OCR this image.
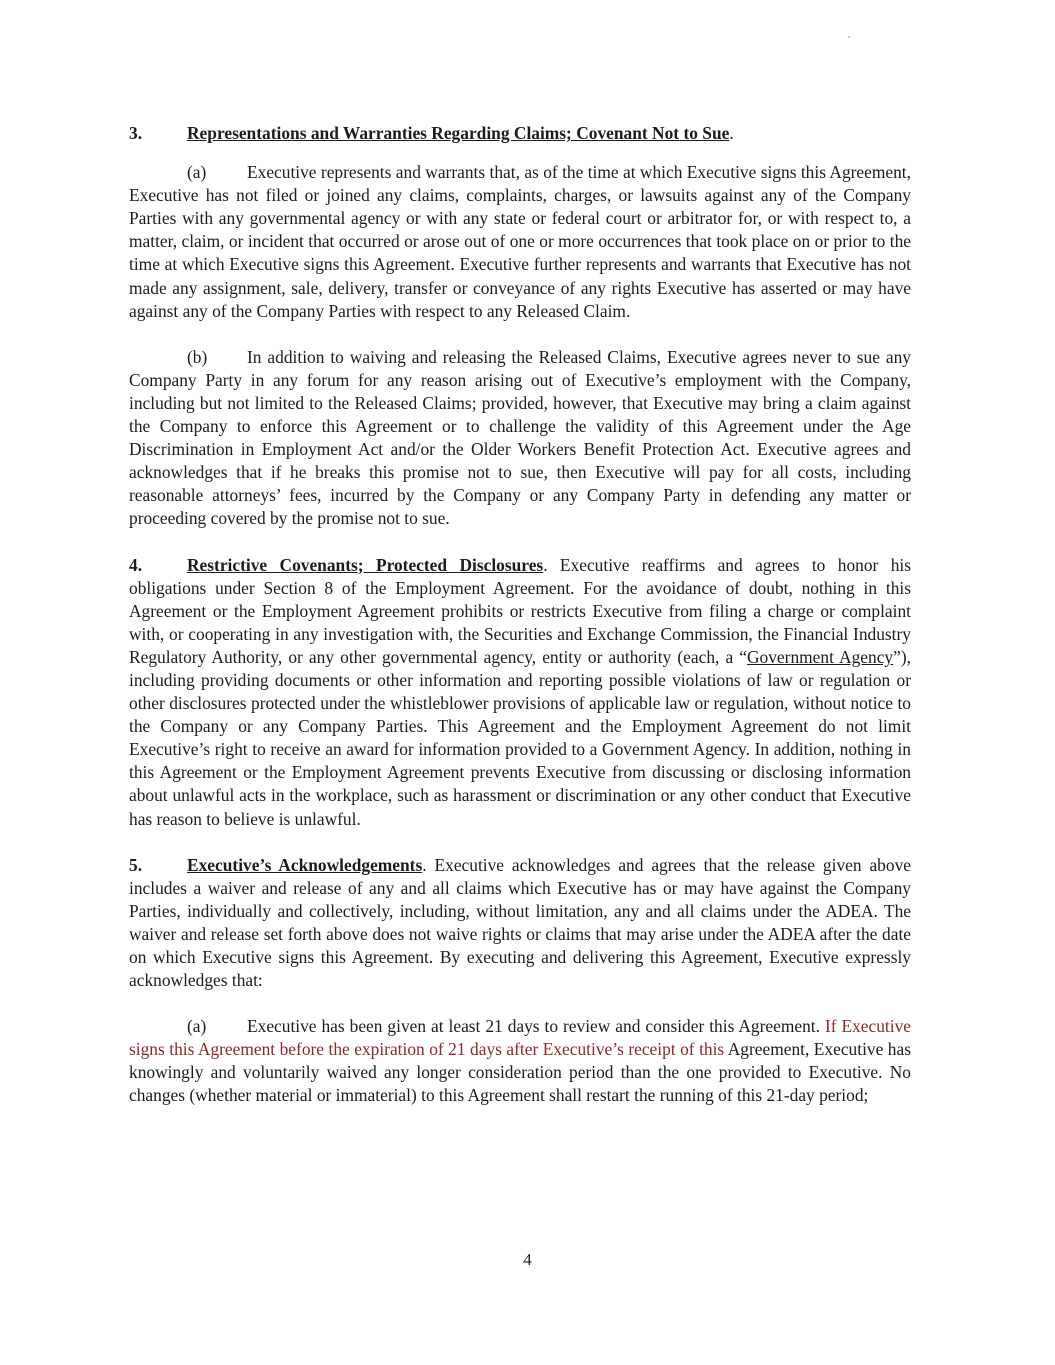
3.	Representations and Warranties Regarding Claims; Covenant Not to Sue.

(a) Executive represents and warrants that, as of the time at which Executive signs this Agreement, Executive has not filed or joined any claims, complaints, charges, or lawsuits against any of the Company Parties with any governmental agency or with any state or federal court or arbitrator for, or with respect to, a matter, claim, or incident that occurred or arose out of one or more occurrences that took place on or prior to the time at which Executive signs this Agreement. Executive further represents and warrants that Executive has not made any assignment, sale, delivery, transfer or conveyance of any rights Executive has asserted or may have against any of the Company Parties with respect to any Released Claim.

(b) In addition to waiving and releasing the Released Claims, Executive agrees never to sue any Company Party in any forum for any reason arising out of Executive’s employment with the Company, including but not limited to the Released Claims; provided, however, that Executive may bring a claim against the Company to enforce this Agreement or to challenge the validity of this Agreement under the Age Discrimination in Employment Act and/or the Older Workers Benefit Protection Act. Executive agrees and acknowledges that if he breaks this promise not to sue, then Executive will pay for all costs, including reasonable attorneys’ fees, incurred by the Company or any Company Party in defending any matter or proceeding covered by the promise not to sue.

4.	Restrictive Covenants; Protected Disclosures. Executive reaffirms and agrees to honor his obligations under Section 8 of the Employment Agreement. For the avoidance of doubt, nothing in this Agreement or the Employment Agreement prohibits or restricts Executive from filing a charge or complaint with, or cooperating in any investigation with, the Securities and Exchange Commission, the Financial Industry Regulatory Authority, or any other governmental agency, entity or authority (each, a “Government Agency”), including providing documents or other information and reporting possible violations of law or regulation or other disclosures protected under the whistleblower provisions of applicable law or regulation, without notice to the Company or any Company Parties. This Agreement and the Employment Agreement do not limit Executive’s right to receive an award for information provided to a Government Agency. In addition, nothing in this Agreement or the Employment Agreement prevents Executive from discussing or disclosing information about unlawful acts in the workplace, such as harassment or discrimination or any other conduct that Executive has reason to believe is unlawful.

5.	Executive’s Acknowledgements. Executive acknowledges and agrees that the release given above includes a waiver and release of any and all claims which Executive has or may have against the Company Parties, individually and collectively, including, without limitation, any and all claims under the ADEA. The waiver and release set forth above does not waive rights or claims that may arise under the ADEA after the date on which Executive signs this Agreement. By executing and delivering this Agreement, Executive expressly acknowledges that:

(a) Executive has been given at least 21 days to review and consider this Agreement. If Executive signs this Agreement before the expiration of 21 days after Executive’s receipt of this Agreement, Executive has knowingly and voluntarily waived any longer consideration period than the one provided to Executive. No changes (whether material or immaterial) to this Agreement shall restart the running of this 21-day period;

4
